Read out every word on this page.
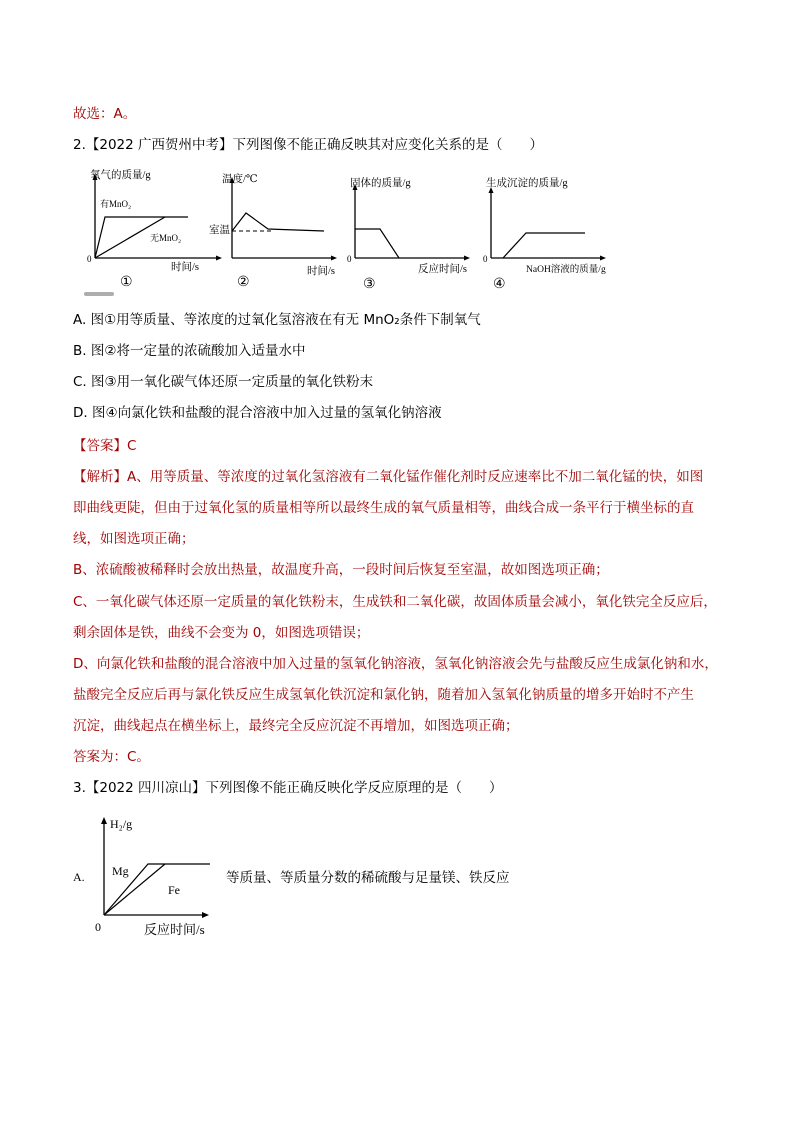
故选：A。
2.【2022 广西贺州中考】下列图像不能正确反映其对应变化关系的是（　　）
氧气的质量/g
时间/s
0
有MnO₂
无MnO₂
①
温度/℃
时间/s
室温
②
固体的质量/g
反应时间/s
0
③
生成沉淀的质量/g
NaOH溶液的质量/g
0
④
A. 图①用等质量、等浓度的过氧化氢溶液在有无 MnO₂条件下制氧气
B. 图②将一定量的浓硫酸加入适量水中
C. 图③用一氧化碳气体还原一定质量的氧化铁粉末
D. 图④向氯化铁和盐酸的混合溶液中加入过量的氢氧化钠溶液
【答案】C
【解析】A、用等质量、等浓度的过氧化氢溶液有二氧化锰作催化剂时反应速率比不加二氧化锰的快，如图
即曲线更陡，但由于过氧化氢的质量相等所以最终生成的氧气质量相等，曲线合成一条平行于横坐标的直
线，如图选项正确；
B、浓硫酸被稀释时会放出热量，故温度升高，一段时间后恢复至室温，故如图选项正确；
C、一氧化碳气体还原一定质量的氧化铁粉末，生成铁和二氧化碳，故固体质量会减小，氧化铁完全反应后，
剩余固体是铁，曲线不会变为 0，如图选项错误；
D、向氯化铁和盐酸的混合溶液中加入过量的氢氧化钠溶液，氢氧化钠溶液会先与盐酸反应生成氯化钠和水，
盐酸完全反应后再与氯化铁反应生成氢氧化铁沉淀和氯化钠，随着加入氢氧化钠质量的增多开始时不产生
沉淀，曲线起点在横坐标上，最终完全反应沉淀不再增加，如图选项正确；
答案为：C。
3.【2022 四川凉山】下列图像不能正确反映化学反应原理的是（　　）
A.
H₂/g
反应时间/s
0
Mg
Fe
等质量、等质量分数的稀硫酸与足量镁、铁反应
